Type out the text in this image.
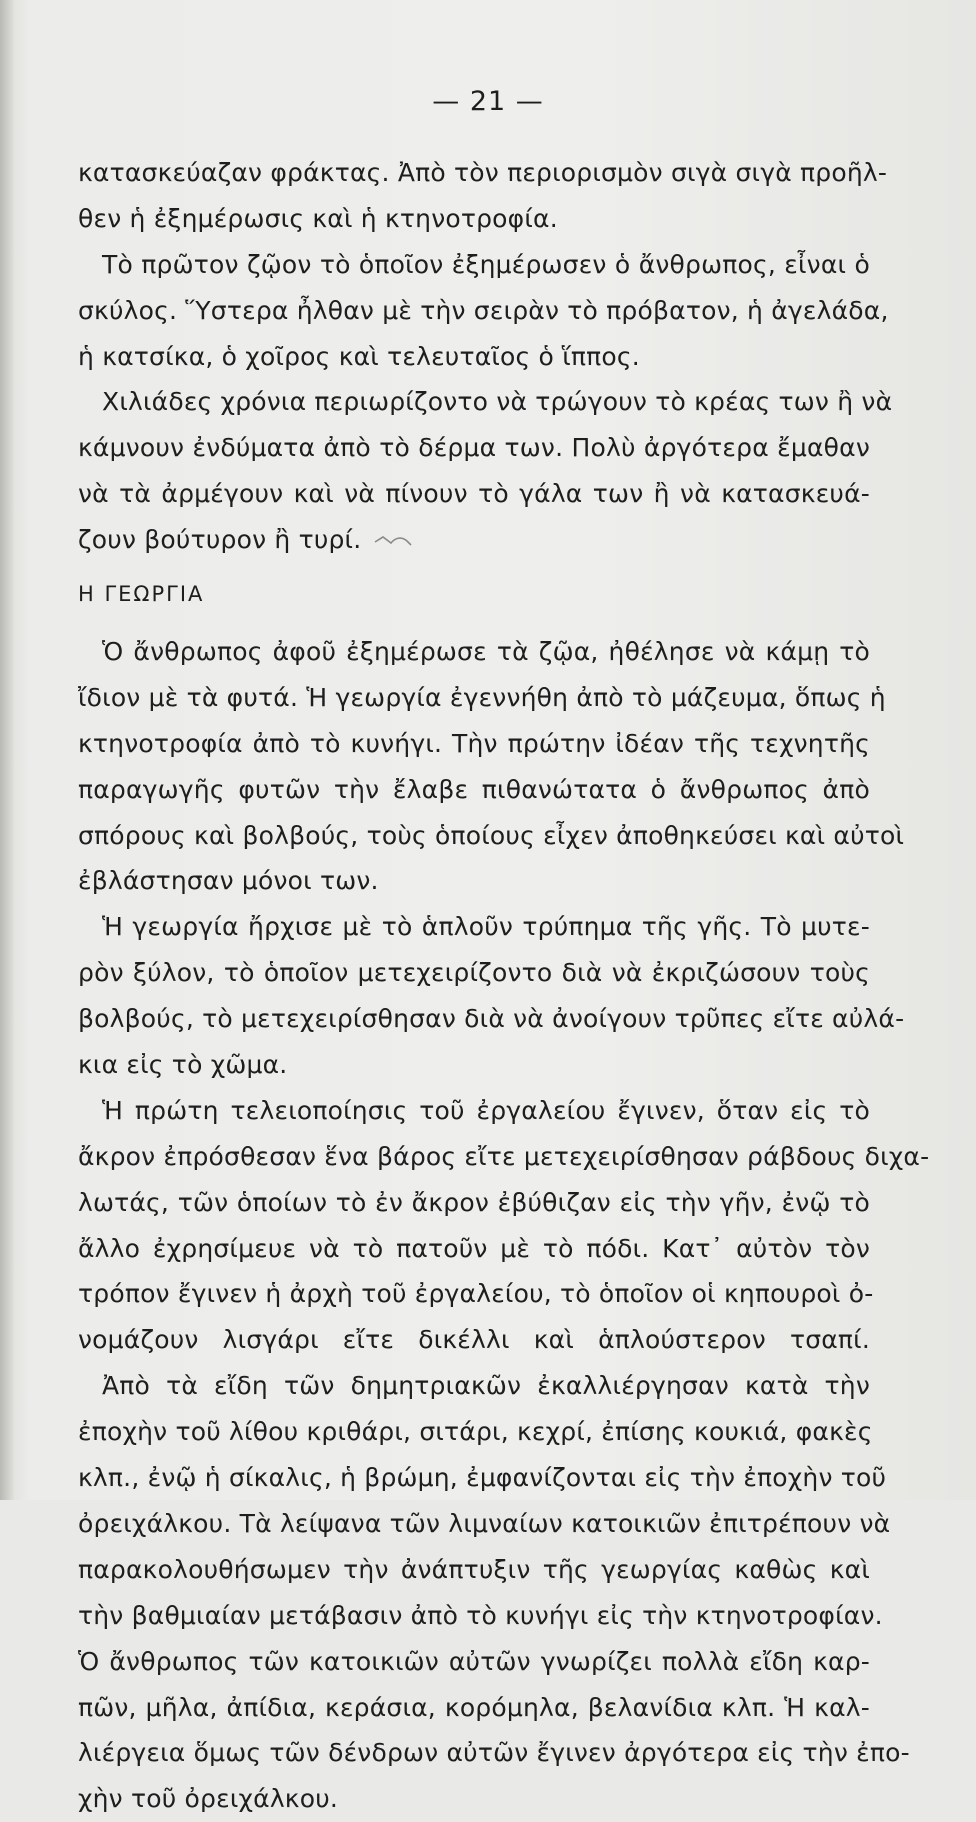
— 21 —
κατασκεύαζαν φράκτας. Ἀπὸ τὸν περιορισμὸν σιγὰ σιγὰ προῆλ-
θεν ἡ ἐξημέρωσις καὶ ἡ κτηνοτροφία.
Τὸ πρῶτον ζῷον τὸ ὁποῖον ἐξημέρωσεν ὁ ἄνθρωπος, εἶναι ὁ
σκύλος. Ὕστερα ἦλθαν μὲ τὴν σειρὰν τὸ πρόβατον, ἡ ἀγελάδα,
ἡ κατσίκα, ὁ χοῖρος καὶ τελευταῖος ὁ ἵππος.
Χιλιάδες χρόνια περιωρίζοντο νὰ τρώγουν τὸ κρέας των ἢ νὰ
κάμνουν ἐνδύματα ἀπὸ τὸ δέρμα των. Πολὺ ἀργότερα ἔμαθαν
νὰ τὰ ἀρμέγουν καὶ νὰ πίνουν τὸ γάλα των ἢ νὰ κατασκευά-
ζουν βούτυρον ἢ τυρί.
Η ΓΕΩΡΓΙΑ
Ὁ ἄνθρωπος ἀφοῦ ἐξημέρωσε τὰ ζῷα, ἠθέλησε νὰ κάμῃ τὸ
ἴδιον μὲ τὰ φυτά. Ἡ γεωργία ἐγεννήθη ἀπὸ τὸ μάζευμα, ὅπως ἡ
κτηνοτροφία ἀπὸ τὸ κυνήγι. Τὴν πρώτην ἰδέαν τῆς τεχνητῆς
παραγωγῆς φυτῶν τὴν ἔλαβε πιθανώτατα ὁ ἄνθρωπος ἀπὸ
σπόρους καὶ βολβούς, τοὺς ὁποίους εἶχεν ἀποθηκεύσει καὶ αὐτοὶ
ἐβλάστησαν μόνοι των.
Ἡ γεωργία ἤρχισε μὲ τὸ ἁπλοῦν τρύπημα τῆς γῆς. Τὸ μυτε-
ρὸν ξύλον, τὸ ὁποῖον μετεχειρίζοντο διὰ νὰ ἐκριζώσουν τοὺς
βολβούς, τὸ μετεχειρίσθησαν διὰ νὰ ἀνοίγουν τρῦπες εἴτε αὐλά-
κια εἰς τὸ χῶμα.
Ἡ πρώτη τελειοποίησις τοῦ ἐργαλείου ἔγινεν, ὅταν εἰς τὸ
ἄκρον ἐπρόσθεσαν ἕνα βάρος εἴτε μετεχειρίσθησαν ράβδους διχα-
λωτάς, τῶν ὁποίων τὸ ἐν ἄκρον ἐβύθιζαν εἰς τὴν γῆν, ἐνῷ τὸ
ἄλλο ἐχρησίμευε νὰ τὸ πατοῦν μὲ τὸ πόδι. Κατ᾿ αὐτὸν τὸν
τρόπον ἔγινεν ἡ ἀρχὴ τοῦ ἐργαλείου, τὸ ὁποῖον οἱ κηπουροὶ ὀ-
νομάζουν λισγάρι εἴτε δικέλλι καὶ ἁπλούστερον τσαπί.
Ἀπὸ τὰ εἴδη τῶν δημητριακῶν ἐκαλλιέργησαν κατὰ τὴν
ἐποχὴν τοῦ λίθου κριθάρι, σιτάρι, κεχρί, ἐπίσης κουκιά, φακὲς
κλπ., ἐνῷ ἡ σίκαλις, ἡ βρώμη, ἐμφανίζονται εἰς τὴν ἐποχὴν τοῦ
ὀρειχάλκου. Τὰ λείψανα τῶν λιμναίων κατοικιῶν ἐπιτρέπουν νὰ
παρακολουθήσωμεν τὴν ἀνάπτυξιν τῆς γεωργίας καθὼς καὶ
τὴν βαθμιαίαν μετάβασιν ἀπὸ τὸ κυνήγι εἰς τὴν κτηνοτροφίαν.
Ὁ ἄνθρωπος τῶν κατοικιῶν αὐτῶν γνωρίζει πολλὰ εἴδη καρ-
πῶν, μῆλα, ἀπίδια, κεράσια, κορόμηλα, βελανίδια κλπ. Ἡ καλ-
λιέργεια ὅμως τῶν δένδρων αὐτῶν ἔγινεν ἀργότερα εἰς τὴν ἐπο-
χὴν τοῦ ὀρειχάλκου.
